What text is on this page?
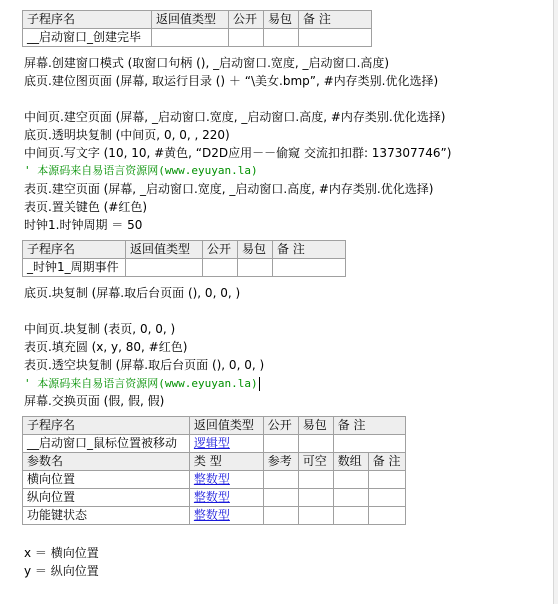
子程序名	返回值类型	公开	易包	备 注
__启动窗口_创建完毕				
屏幕.创建窗口模式 (取窗口句柄 (), _启动窗口.宽度, _启动窗口.高度)
底页.建位图页面 (屏幕, 取运行目录 () ＋ “\美女.bmp”, #内存类别.优化选择)
中间页.建空页面 (屏幕, _启动窗口.宽度, _启动窗口.高度, #内存类别.优化选择)
底页.透明块复制 (中间页, 0, 0, , 220)
中间页.写文字 (10, 10, #黄色, “D2D应用－－偷窥 交流扣扣群: 137307746”)
' 本源码来自易语言资源网(www.eyuyan.la)
表页.建空页面 (屏幕, _启动窗口.宽度, _启动窗口.高度, #内存类别.优化选择)
表页.置关键色 (#红色)
时钟1.时钟周期 ＝ 50
子程序名	返回值类型	公开	易包	备 注
_时钟1_周期事件				
底页.块复制 (屏幕.取后台页面 (), 0, 0, )
中间页.块复制 (表页, 0, 0, )
表页.填充圆 (x, y, 80, #红色)
表页.透空块复制 (屏幕.取后台页面 (), 0, 0, )
' 本源码来自易语言资源网(www.eyuyan.la)
屏幕.交换页面 (假, 假, 假)
子程序名	返回值类型	公开	易包	备 注	
__启动窗口_鼠标位置被移动	逻辑型				
参数名	类 型	参考	可空	数组	备 注
横向位置	整数型				
纵向位置	整数型				
功能键状态	整数型				
x ＝ 横向位置
y ＝ 纵向位置
